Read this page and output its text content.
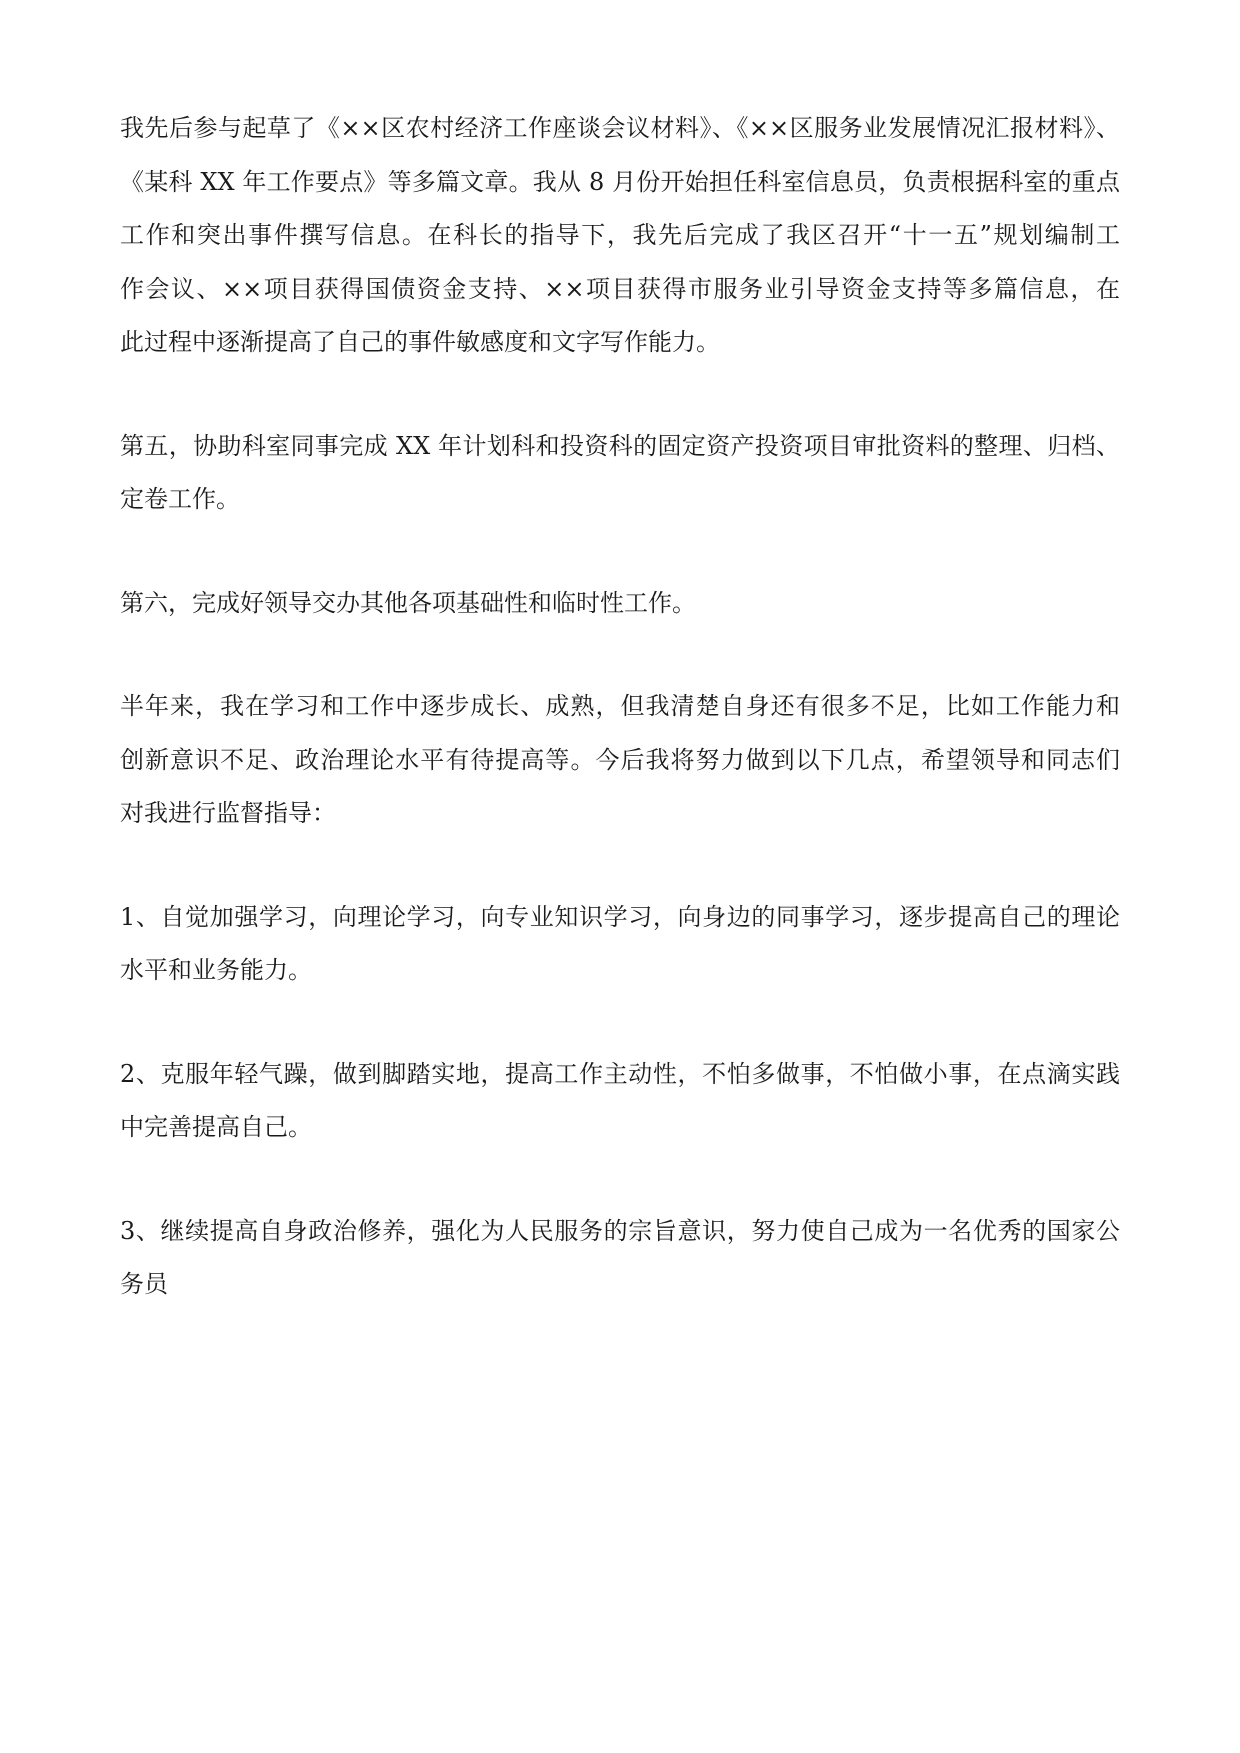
我先后参与起草了《××区农村经济工作座谈会议材料》、《××区服务业发展情况汇报材料》、
《某科 XX 年工作要点》等多篇文章。我从 8 月份开始担任科室信息员，负责根据科室的重点
工作和突出事件撰写信息。在科长的指导下，我先后完成了我区召开“十一五”规划编制工
作会议、××项目获得国债资金支持、××项目获得市服务业引导资金支持等多篇信息，在
此过程中逐渐提高了自己的事件敏感度和文字写作能力。

第五，协助科室同事完成 XX 年计划科和投资科的固定资产投资项目审批资料的整理、归档、
定卷工作。

第六，完成好领导交办其他各项基础性和临时性工作。

半年来，我在学习和工作中逐步成长、成熟，但我清楚自身还有很多不足，比如工作能力和
创新意识不足、政治理论水平有待提高等。今后我将努力做到以下几点，希望领导和同志们
对我进行监督指导：

1、自觉加强学习，向理论学习，向专业知识学习，向身边的同事学习，逐步提高自己的理论
水平和业务能力。

2、克服年轻气躁，做到脚踏实地，提高工作主动性，不怕多做事，不怕做小事，在点滴实践
中完善提高自己。

3、继续提高自身政治修养，强化为人民服务的宗旨意识，努力使自己成为一名优秀的国家公
务员
